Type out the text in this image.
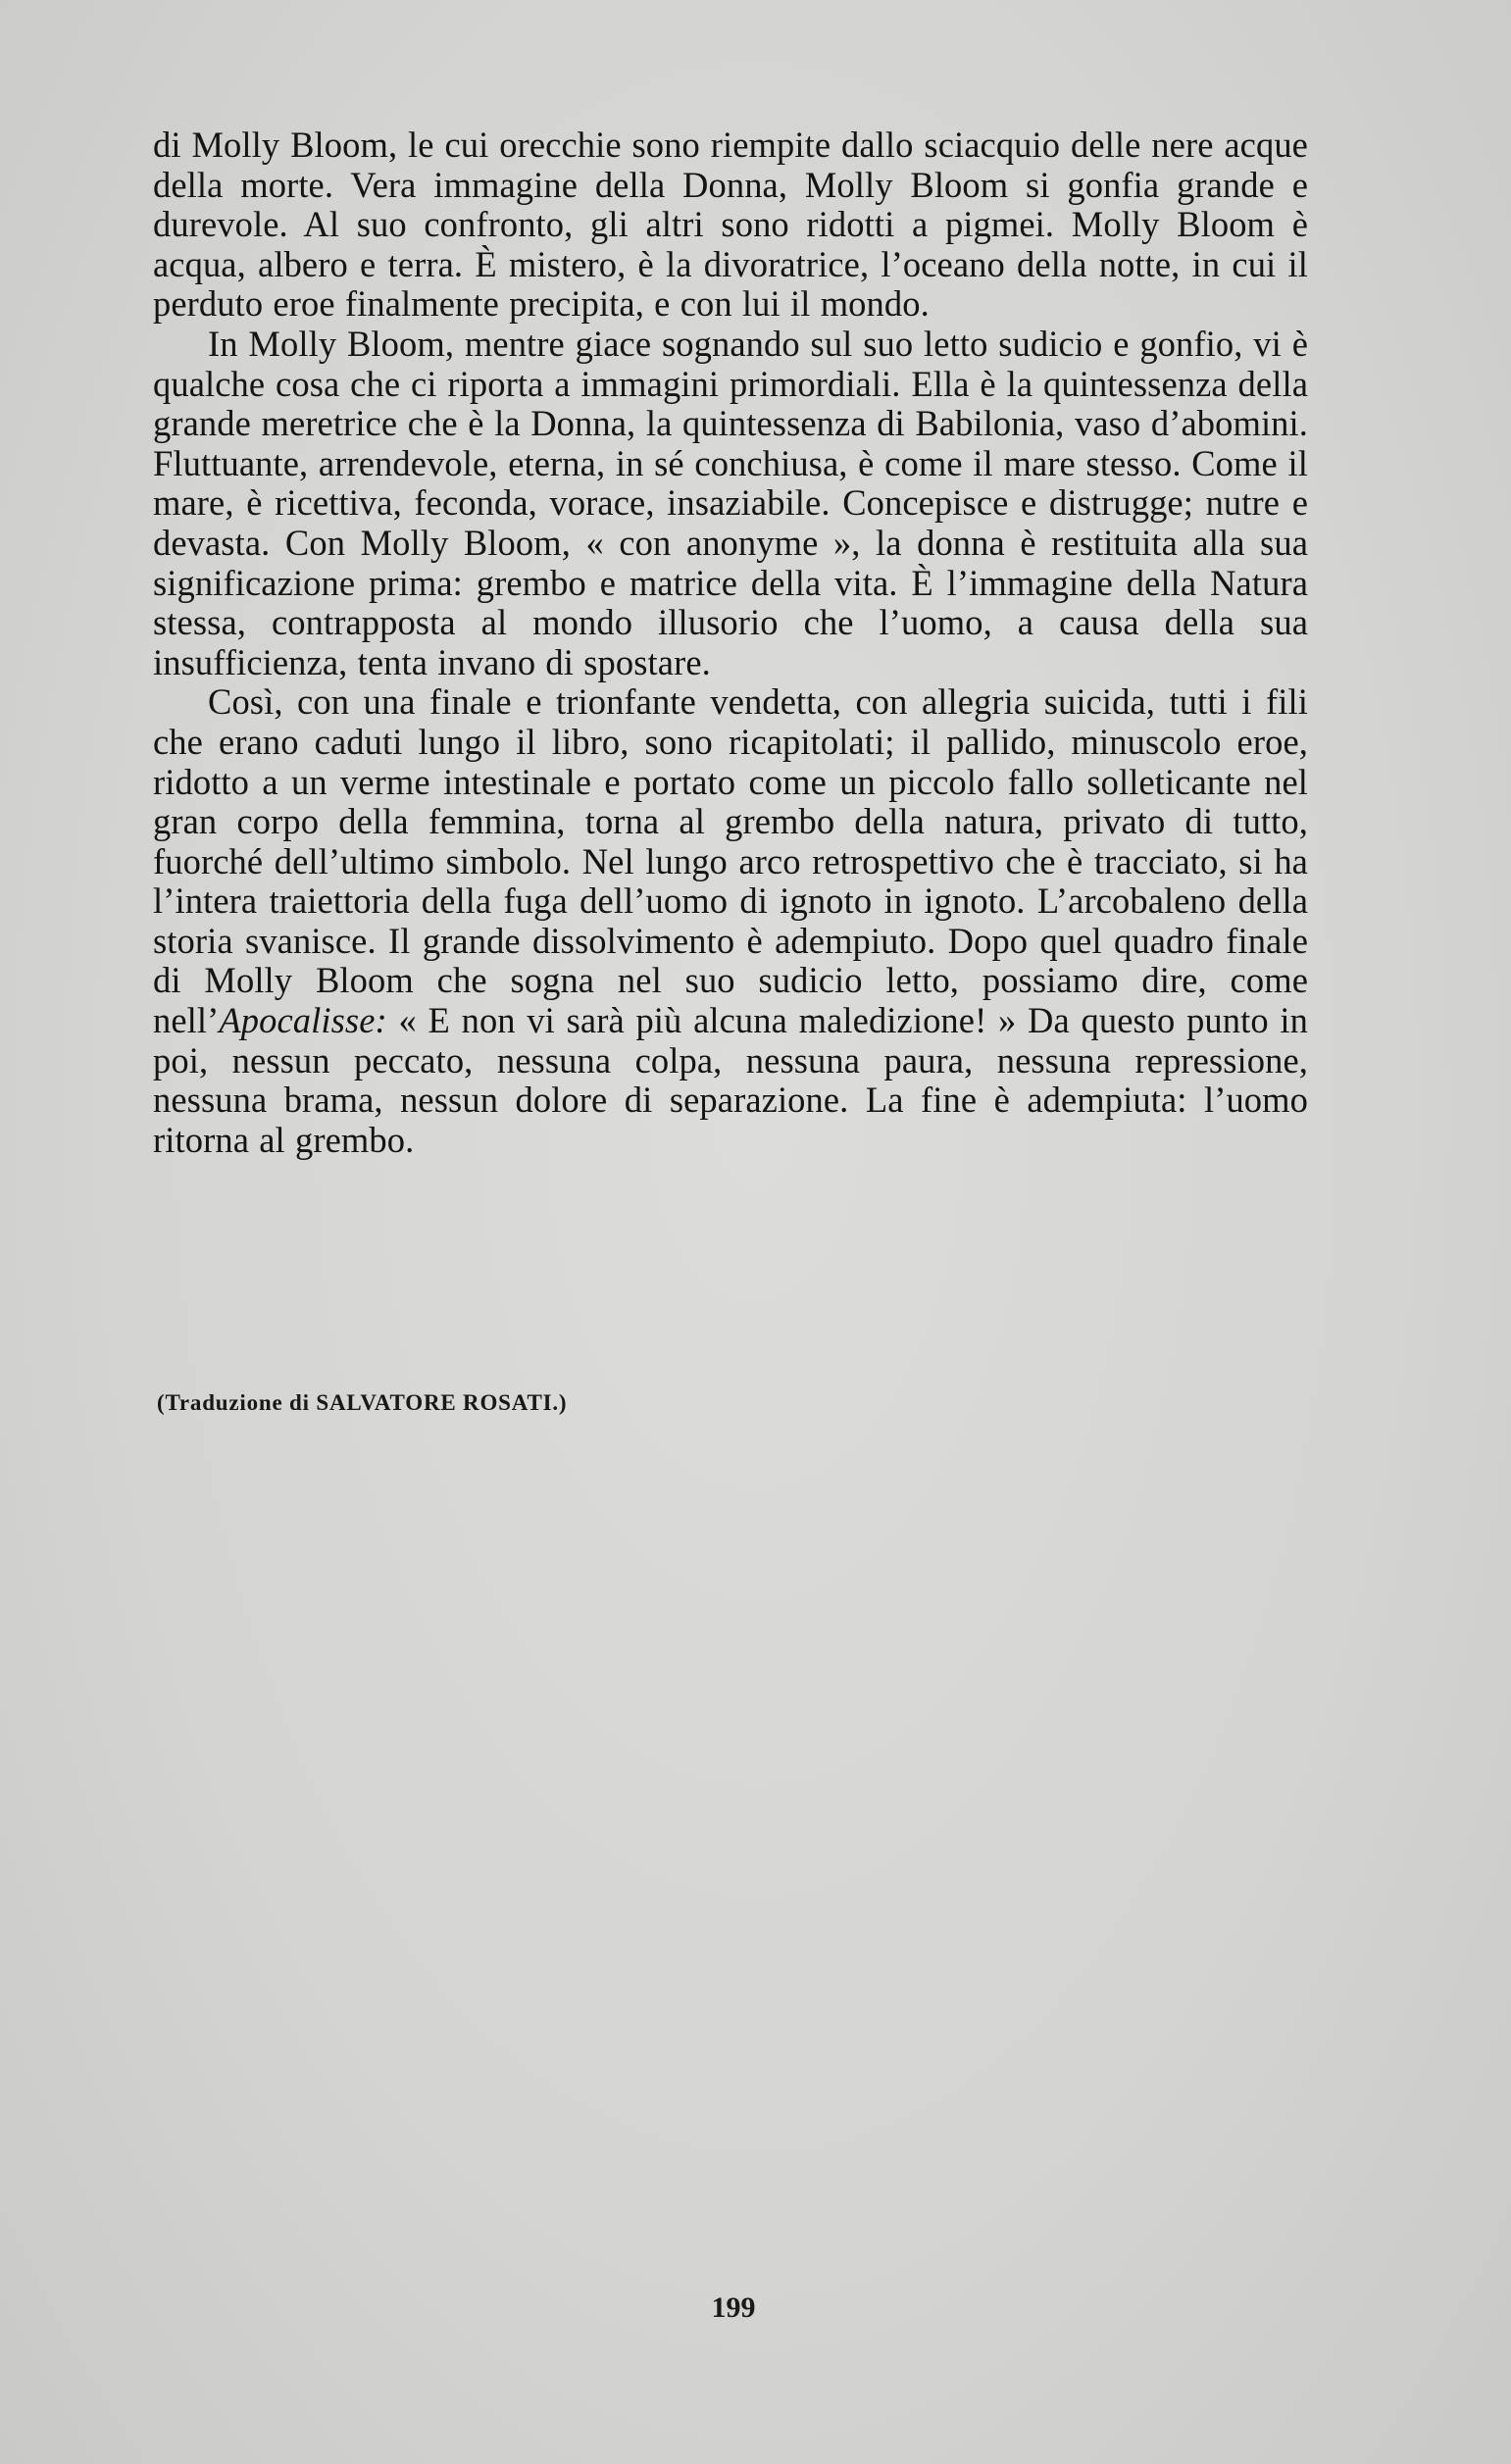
di Molly Bloom, le cui orecchie sono riempite dallo sciacquio delle nere acque della morte. Vera immagine della Donna, Molly Bloom si gonfia grande e durevole. Al suo confronto, gli altri sono ridotti a pigmei. Molly Bloom è acqua, albero e terra. È mistero, è la divoratrice, l’oceano della notte, in cui il perduto eroe finalmente precipita, e con lui il mondo.

In Molly Bloom, mentre giace sognando sul suo letto sudicio e gonfio, vi è qualche cosa che ci riporta a immagini primordiali. Ella è la quintessenza della grande meretrice che è la Donna, la quintessenza di Babilonia, vaso d’abomini. Fluttuante, arrendevole, eterna, in sé conchiusa, è come il mare stesso. Come il mare, è ricettiva, feconda, vorace, insaziabile. Concepisce e distrugge; nutre e devasta. Con Molly Bloom, « con anonyme », la donna è restituita alla sua significazione prima: grembo e matrice della vita. È l’immagine della Natura stessa, contrapposta al mondo illusorio che l’uomo, a causa della sua insufficienza, tenta invano di spostare.

Così, con una finale e trionfante vendetta, con allegria suicida, tutti i fili che erano caduti lungo il libro, sono ricapitolati; il pallido, minuscolo eroe, ridotto a un verme intestinale e portato come un piccolo fallo solleticante nel gran corpo della femmina, torna al grembo della natura, privato di tutto, fuorché dell’ultimo simbolo. Nel lungo arco retrospettivo che è tracciato, si ha l’intera traiettoria della fuga dell’uomo di ignoto in ignoto. L’arcobaleno della storia svanisce. Il grande dissolvimento è adempiuto. Dopo quel quadro finale di Molly Bloom che sogna nel suo sudicio letto, possiamo dire, come nell’Apocalisse: « E non vi sarà più alcuna maledizione! » Da questo punto in poi, nessun peccato, nessuna colpa, nessuna paura, nessuna repressione, nessuna brama, nessun dolore di separazione. La fine è adempiuta: l’uomo ritorna al grembo.

(Traduzione di SALVATORE ROSATI.)
199
